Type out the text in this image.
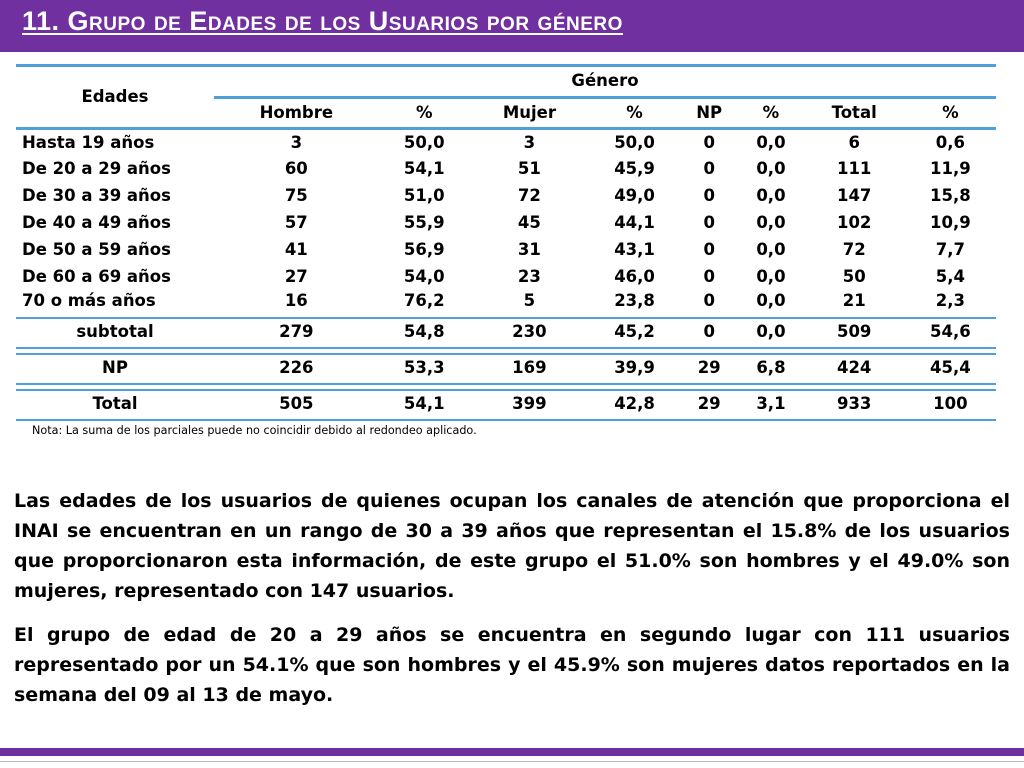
11. Grupo de Edades de los Usuarios por género
Edades	Género							
	Hombre	%	Mujer	%	NP	%	Total	%
Hasta 19 años	3	50,0	3	50,0	0	0,0	6	0,6
De 20 a 29 años	60	54,1	51	45,9	0	0,0	111	11,9
De 30 a 39 años	75	51,0	72	49,0	0	0,0	147	15,8
De 40 a 49 años	57	55,9	45	44,1	0	0,0	102	10,9
De 50 a 59 años	41	56,9	31	43,1	0	0,0	72	7,7
De 60 a 69 años	27	54,0	23	46,0	0	0,0	50	5,4
70 o más años	16	76,2	5	23,8	0	0,0	21	2,3
subtotal	279	54,8	230	45,2	0	0,0	509	54,6

NP	226	53,3	169	39,9	29	6,8	424	45,4

Total	505	54,1	399	42,8	29	3,1	933	100

Nota: La suma de los parciales puede no coincidir debido al redondeo aplicado.

Las edades de los usuarios de quienes ocupan los canales de atención que proporciona el INAI se encuentran en un rango de 30 a 39 años que representan el 15.8% de los usuarios que proporcionaron esta información, de este grupo el 51.0% son hombres y el 49.0% son mujeres, representado con 147 usuarios.

El grupo de edad de 20 a 29 años se encuentra en segundo lugar con 111 usuarios representado por un 54.1% que son hombres y el 45.9% son mujeres datos reportados en la semana del 09 al 13 de mayo.
